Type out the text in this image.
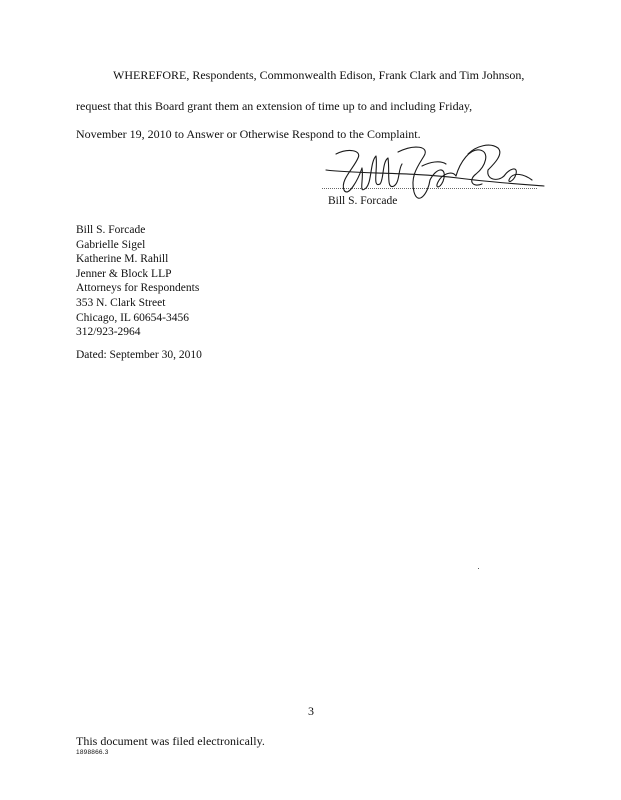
WHEREFORE, Respondents, Commonwealth Edison, Frank Clark and Tim Johnson,
request that this Board grant them an extension of time up to and including Friday,
November 19, 2010 to Answer or Otherwise Respond to the Complaint.
Bill S. Forcade
Bill S. Forcade
Gabrielle Sigel
Katherine M. Rahill
Jenner & Block LLP
Attorneys for Respondents
353 N. Clark Street
Chicago, IL 60654-3456
312/923-2964
Dated: September 30, 2010
3
This document was filed electronically.
1898866.3
